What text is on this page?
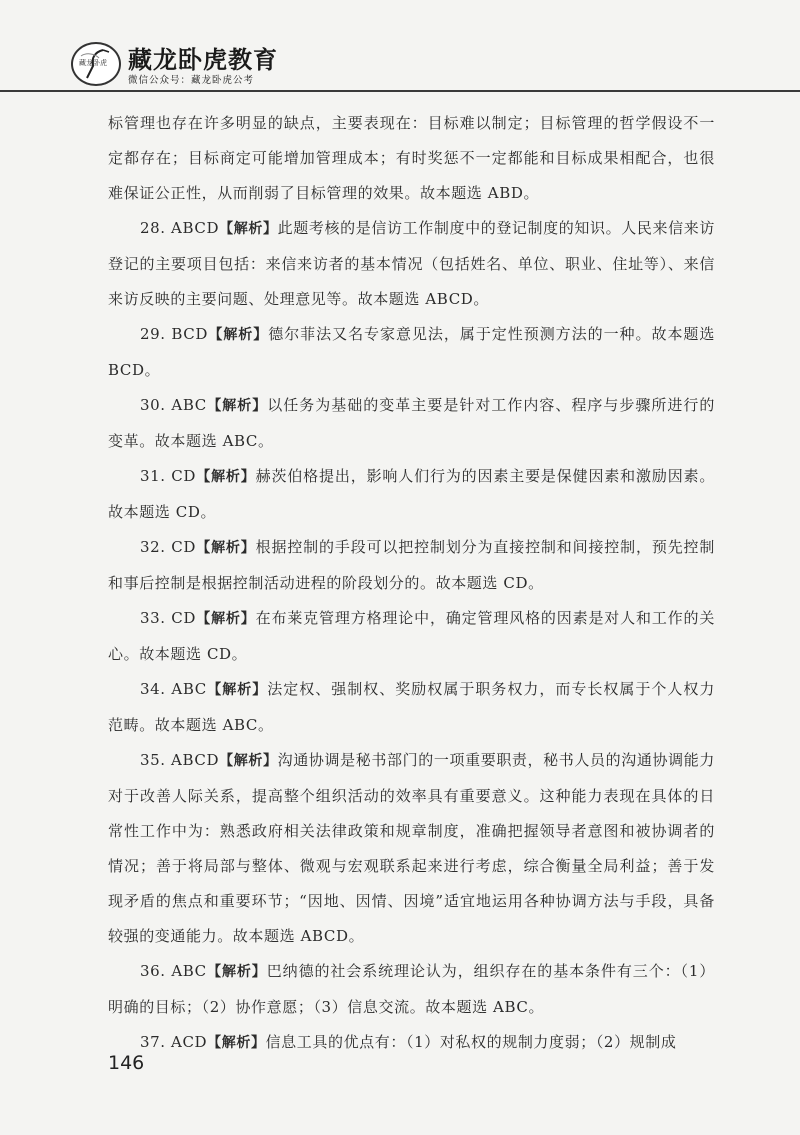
藏龙卧虎 藏龙卧虎教育
微信公众号：藏龙卧虎公考

标管理也存在许多明显的缺点，主要表现在：目标难以制定；目标管理的哲学假设不一定都存在；目标商定可能增加管理成本；有时奖惩不一定都能和目标成果相配合，也很难保证公正性，从而削弱了目标管理的效果。故本题选 ABD。

28. ABCD【解析】此题考核的是信访工作制度中的登记制度的知识。人民来信来访登记的主要项目包括：来信来访者的基本情况（包括姓名、单位、职业、住址等）、来信来访反映的主要问题、处理意见等。故本题选 ABCD。

29. BCD【解析】德尔菲法又名专家意见法，属于定性预测方法的一种。故本题选 BCD。

30. ABC【解析】以任务为基础的变革主要是针对工作内容、程序与步骤所进行的变革。故本题选 ABC。

31. CD【解析】赫茨伯格提出，影响人们行为的因素主要是保健因素和激励因素。故本题选 CD。

32. CD【解析】根据控制的手段可以把控制划分为直接控制和间接控制，预先控制和事后控制是根据控制活动进程的阶段划分的。故本题选 CD。

33. CD【解析】在布莱克管理方格理论中，确定管理风格的因素是对人和工作的关心。故本题选 CD。

34. ABC【解析】法定权、强制权、奖励权属于职务权力，而专长权属于个人权力范畴。故本题选 ABC。

35. ABCD【解析】沟通协调是秘书部门的一项重要职责，秘书人员的沟通协调能力对于改善人际关系，提高整个组织活动的效率具有重要意义。这种能力表现在具体的日常性工作中为：熟悉政府相关法律政策和规章制度，准确把握领导者意图和被协调者的情况；善于将局部与整体、微观与宏观联系起来进行考虑，综合衡量全局利益；善于发现矛盾的焦点和重要环节；“因地、因情、因境”适宜地运用各种协调方法与手段，具备较强的变通能力。故本题选 ABCD。

36. ABC【解析】巴纳德的社会系统理论认为，组织存在的基本条件有三个：（1）明确的目标；（2）协作意愿；（3）信息交流。故本题选 ABC。

37. ACD【解析】信息工具的优点有：（1）对私权的规制力度弱；（2）规制成

146
